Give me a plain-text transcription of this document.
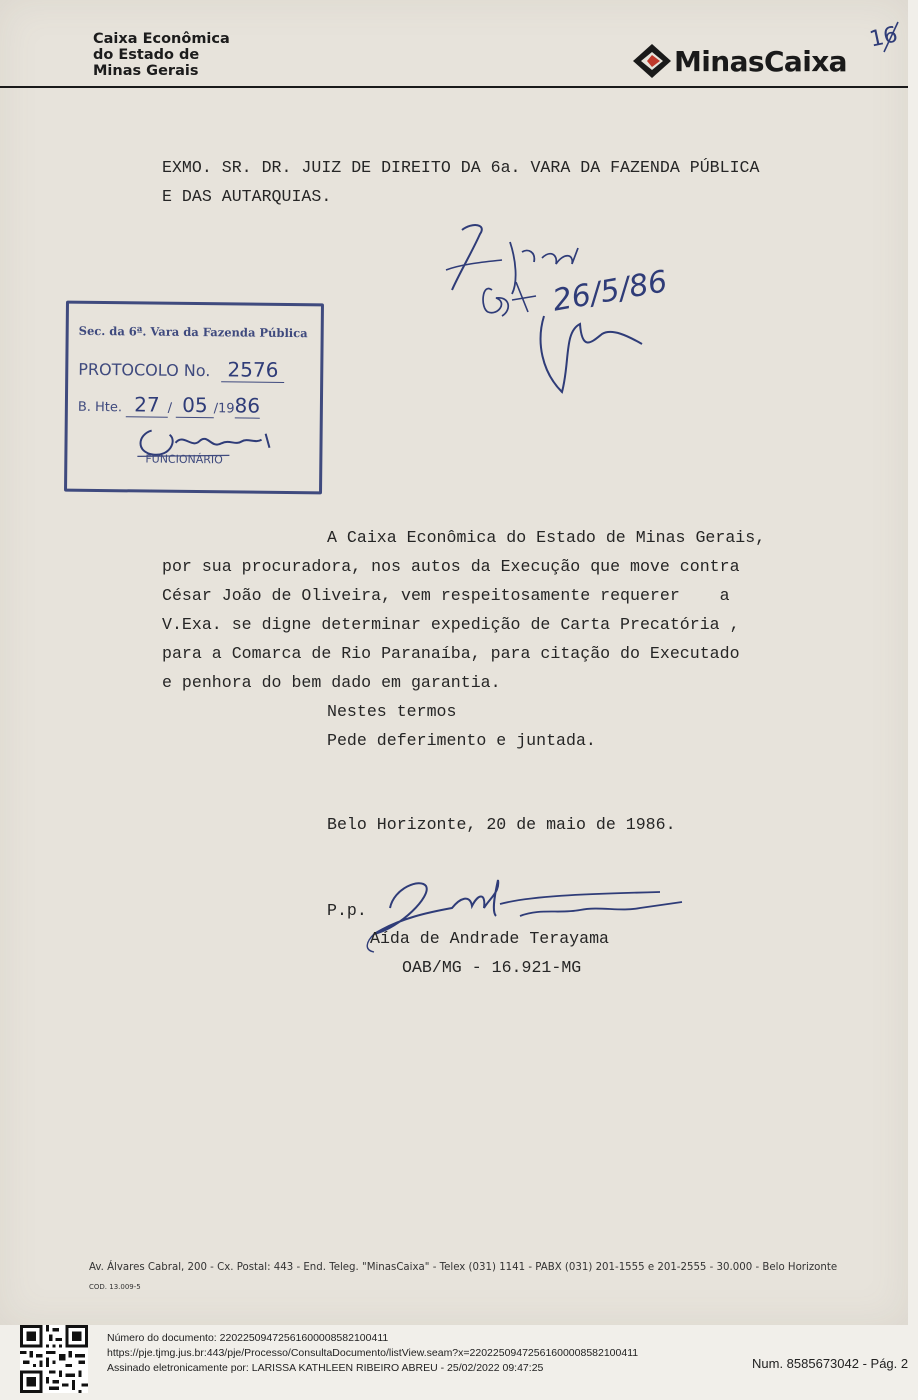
Caixa Econômica
do Estado de
Minas Gerais	MinasCaixa
16
EXMO. SR. DR. JUIZ DE DIREITO DA 6a. VARA DA FAZENDA PÚBLICA
E DAS AUTARQUIAS.
26/5/86
Sec. da 6ª. Vara da Fazenda Pública
PROTOCOLO No. 2576
B. Hte. 27 / 05 /1986
FUNCIONÁRIO
A Caixa Econômica do Estado de Minas Gerais,
por sua procuradora, nos autos da Execução que move contra
César João de Oliveira, vem respeitosamente requerer    a
V.Exa. se digne determinar expedição de Carta Precatória ,
para a Comarca de Rio Paranaíba, para citação do Executado
e penhora do bem dado em garantia.
Nestes termos
Pede deferimento e juntada.
Belo Horizonte, 20 de maio de 1986.
P.p.
Aída de Andrade Terayama
OAB/MG - 16.921-MG
Av. Álvares Cabral, 200 - Cx. Postal: 443 - End. Teleg. "MinasCaixa" - Telex (031) 1141 - PABX (031) 201-1555 e 201-2555 - 30.000 - Belo Horizonte
COD. 13.009-5
Número do documento: 22022509472561600008582100411
https://pje.tjmg.jus.br:443/pje/Processo/ConsultaDocumento/listView.seam?x=22022509472561600008582100411
Assinado eletronicamente por: LARISSA KATHLEEN RIBEIRO ABREU - 25/02/2022 09:47:25	Num. 8585673042 - Pág. 2
